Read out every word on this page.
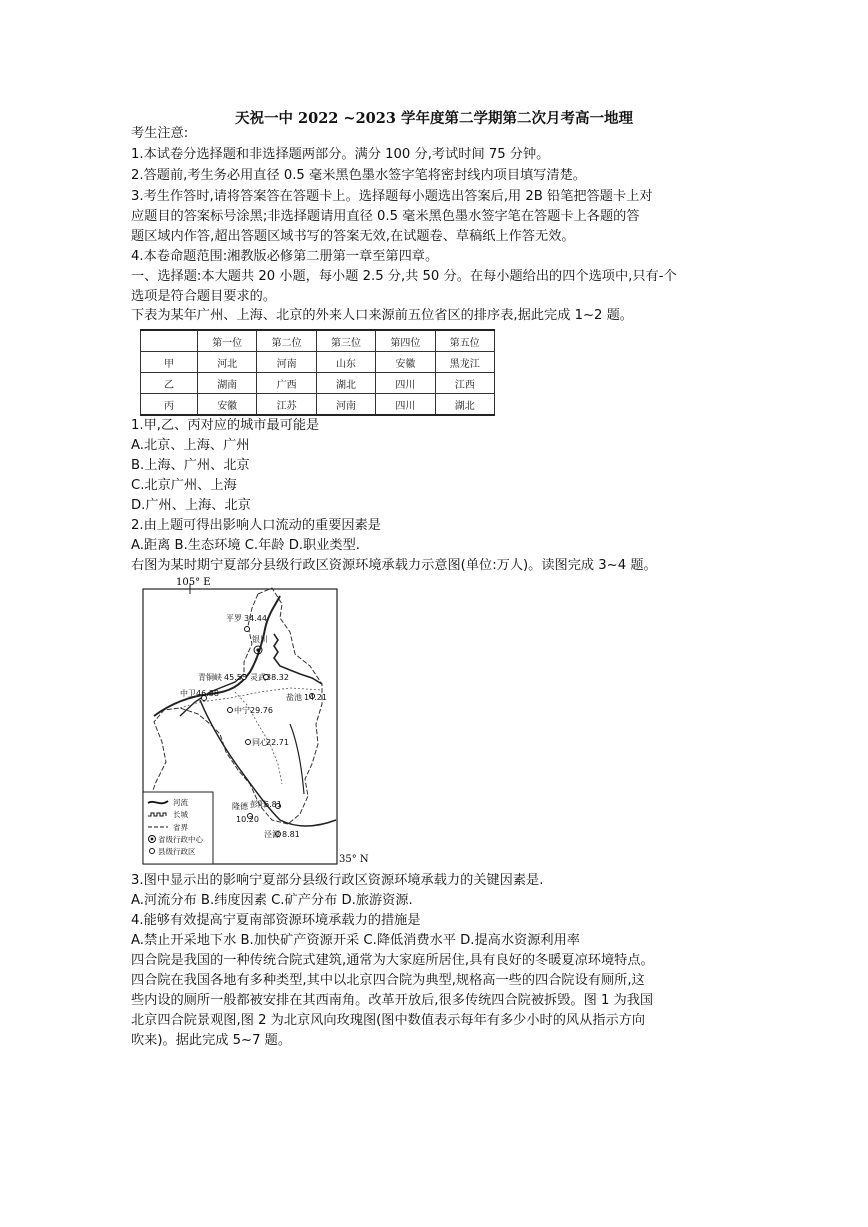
天祝一中 2022 ~2023 学年度第二学期第二次月考高一地理
考生注意:
1.本试卷分选择题和非选择题两部分。满分 100 分,考试时间 75 分钟。
2.答题前,考生务必用直径 0.5 毫米黑色墨水签字笔将密封线内项目填写清楚。
3.考生作答时,请将答案答在答题卡上。选择题每小题选出答案后,用 2B 铅笔把答题卡上对
应题目的答案标号涂黑;非选择题请用直径 0.5 毫米黑色墨水签字笔在答题卡上各题的答
题区域内作答,超出答题区域书写的答案无效,在试题卷、草稿纸上作答无效。
4.本卷命题范围:湘教版必修第二册第一章至第四章。
一、选择题:本大题共 20 小题，每小题 2.5 分,共 50 分。在每小题给出的四个选项中,只有-个
选项是符合题目要求的。
下表为某年广州、上海、北京的外来人口来源前五位省区的排序表,据此完成 1~2 题。
	第一位	第二位	第三位	第四位	第五位
甲	河北	河南	山东	安徽	黑龙江
乙	湖南	广西	湖北	四川	江西
丙	安徽	江苏	河南	四川	湖北
1.甲,乙、丙对应的城市最可能是
A.北京、上海、广州
B.上海、广州、北京
C.北京广州、上海
D.广州、上海、北京
2.由上题可得出影响人口流动的重要因素是
A.距离 B.生态环境 C.年龄 D.职业类型.
右图为某时期宁夏部分县级行政区资源环境承载力示意图(单位:万人)。读图完成 3~4 题。
105° E
35° N
平罗 34.44
银川
青铜峡 45.55 灵武 38.32
盐池 14.21
中卫 46.38
中宁 29.76
同心
22.71
彭阳
6.81
隆德
10.20
泾源 8.81
河流
长城
省界
省级行政中心
县级行政区
3.图中显示出的影响宁夏部分县级行政区资源环境承载力的关键因素是.
A.河流分布 B.纬度因素 C.矿产分布 D.旅游资源.
4.能够有效提高宁夏南部资源环境承载力的措施是
A.禁止开采地下水 B.加快矿产资源开采 C.降低消费水平 D.提高水资源利用率
四合院是我国的一种传统合院式建筑,通常为大家庭所居住,具有良好的冬暖夏凉环境特点。
四合院在我国各地有多种类型,其中以北京四合院为典型,规格高一些的四合院设有厕所,这
些内设的厕所一般都被安排在其西南角。改革开放后,很多传统四合院被拆毁。图 1 为我国
北京四合院景观图,图 2 为北京风向玫瑰图(图中数值表示每年有多少小时的风从指示方向
吹来)。据此完成 5~7 题。
